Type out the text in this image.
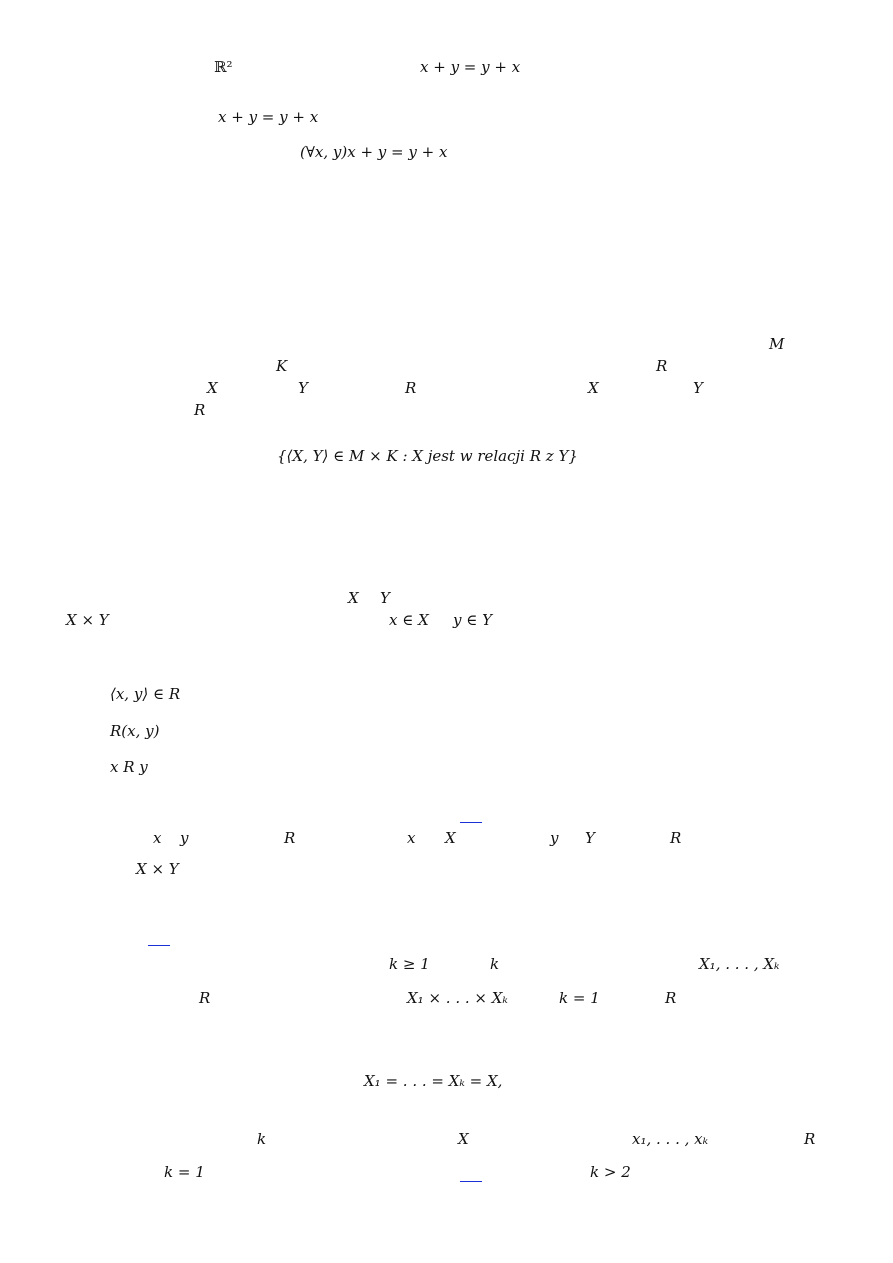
ℝ²	x + y = y + x
x + y = y + x
(∀x, y)x + y = y + x
M
K	R
X	Y	R	X	Y
R
{⟨X, Y⟩ ∈ M × K : X jest w relacji R z Y}
X Y
X × Y	x ∈ X y ∈ Y
⟨x, y⟩ ∈ R
R(x, y)
x R y
x y	R	x X	y Y	R
X × Y
k ≥ 1	k	X₁, . . . , Xₖ
R	X₁ × . . . × Xₖ	k = 1	R
X₁ = . . . = Xₖ = X,
k	X	x₁, . . . , xₖ	R
k = 1	k > 2
